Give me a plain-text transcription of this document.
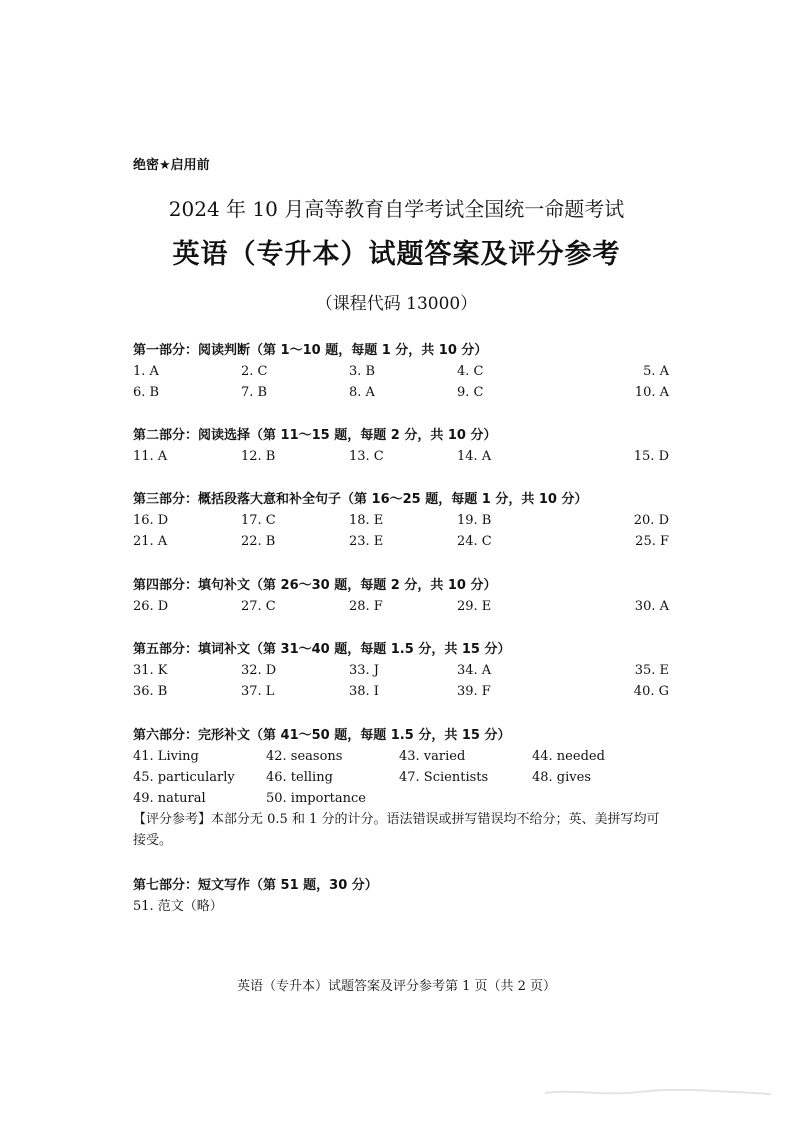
绝密★启用前
2024 年 10 月高等教育自学考试全国统一命题考试
英语（专升本）试题答案及评分参考
（课程代码 13000）
第一部分：阅读判断（第 1～10 题，每题 1 分，共 10 分）
1. A	2. C	3. B	4. C	5. A
6. B	7. B	8. A	9. C	10. A
第二部分：阅读选择（第 11～15 题，每题 2 分，共 10 分）
11. A	12. B	13. C	14. A	15. D
第三部分：概括段落大意和补全句子（第 16～25 题，每题 1 分，共 10 分）
16. D	17. C	18. E	19. B	20. D
21. A	22. B	23. E	24. C	25. F
第四部分：填句补文（第 26～30 题，每题 2 分，共 10 分）
26. D	27. C	28. F	29. E	30. A
第五部分：填词补文（第 31～40 题，每题 1.5 分，共 15 分）
31. K	32. D	33. J	34. A	35. E
36. B	37. L	38. I	39. F	40. G
第六部分：完形补文（第 41～50 题，每题 1.5 分，共 15 分）
41. Living	42. seasons	43. varied	44. needed
45. particularly	46. telling	47. Scientists	48. gives
49. natural	50. importance
【评分参考】本部分无 0.5 和 1 分的计分。语法错误或拼写错误均不给分；英、美拼写均可接受。
第七部分：短文写作（第 51 题，30 分）
51. 范文（略）
英语（专升本）试题答案及评分参考第 1 页（共 2 页）
